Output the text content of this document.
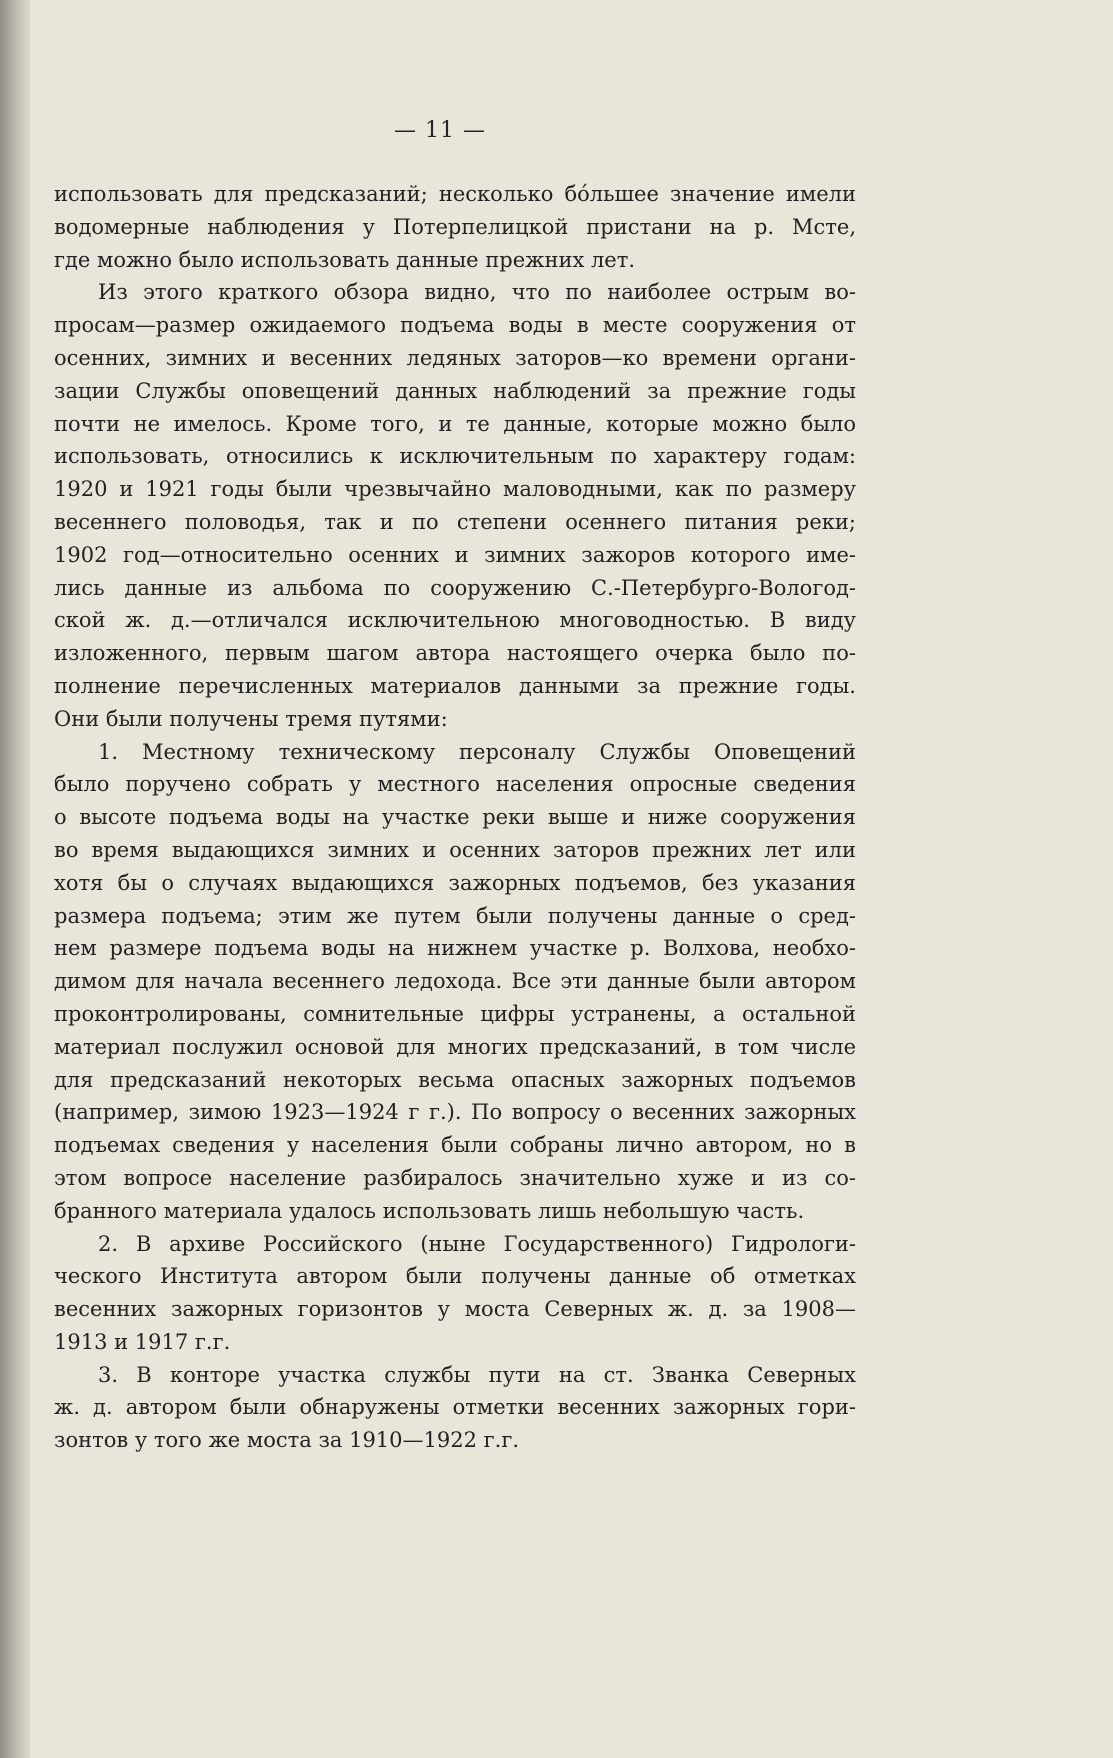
— 11 —
использовать для предсказаний; несколько бóльшее значение имели
водомерные наблюдения у Потерпелицкой пристани на р. Мсте,
где можно было использовать данные прежних лет.
Из этого краткого обзора видно, что по наиболее острым во-
просам—размер ожидаемого подъема воды в месте сооружения от
осенних, зимних и весенних ледяных заторов—ко времени органи-
зации Службы оповещений данных наблюдений за прежние годы
почти не имелось. Кроме того, и те данные, которые можно было
использовать, относились к исключительным по характеру годам:
1920 и 1921 годы были чрезвычайно маловодными, как по размеру
весеннего половодья, так и по степени осеннего питания реки;
1902 год—относительно осенних и зимних зажоров которого име-
лись данные из альбома по сооружению С.-Петербурго-Вологод-
ской ж. д.—отличался исключительною многоводностью. В виду
изложенного, первым шагом автора настоящего очерка было по-
полнение перечисленных материалов данными за прежние годы.
Они были получены тремя путями:
1. Местному техническому персоналу Службы Оповещений
было поручено собрать у местного населения опросные сведения
о высоте подъема воды на участке реки выше и ниже сооружения
во время выдающихся зимних и осенних заторов прежних лет или
хотя бы о случаях выдающихся зажорных подъемов, без указания
размера подъема; этим же путем были получены данные о сред-
нем размере подъема воды на нижнем участке р. Волхова, необхо-
димом для начала весеннего ледохода. Все эти данные были автором
проконтролированы, сомнительные цифры устранены, а остальной
материал послужил основой для многих предсказаний, в том числе
для предсказаний некоторых весьма опасных зажорных подъемов
(например, зимою 1923—1924 г г.). По вопросу о весенних зажорных
подъемах сведения у населения были собраны лично автором, но в
этом вопросе население разбиралось значительно хуже и из со-
бранного материала удалось использовать лишь небольшую часть.
2. В архиве Российского (ныне Государственного) Гидрологи-
ческого Института автором были получены данные об отметках
весенних зажорных горизонтов у моста Северных ж. д. за 1908—
1913 и 1917 г.г.
3. В конторе участка службы пути на ст. Званка Северных
ж. д. автором были обнаружены отметки весенних зажорных гори-
зонтов у того же моста за 1910—1922 г.г.
